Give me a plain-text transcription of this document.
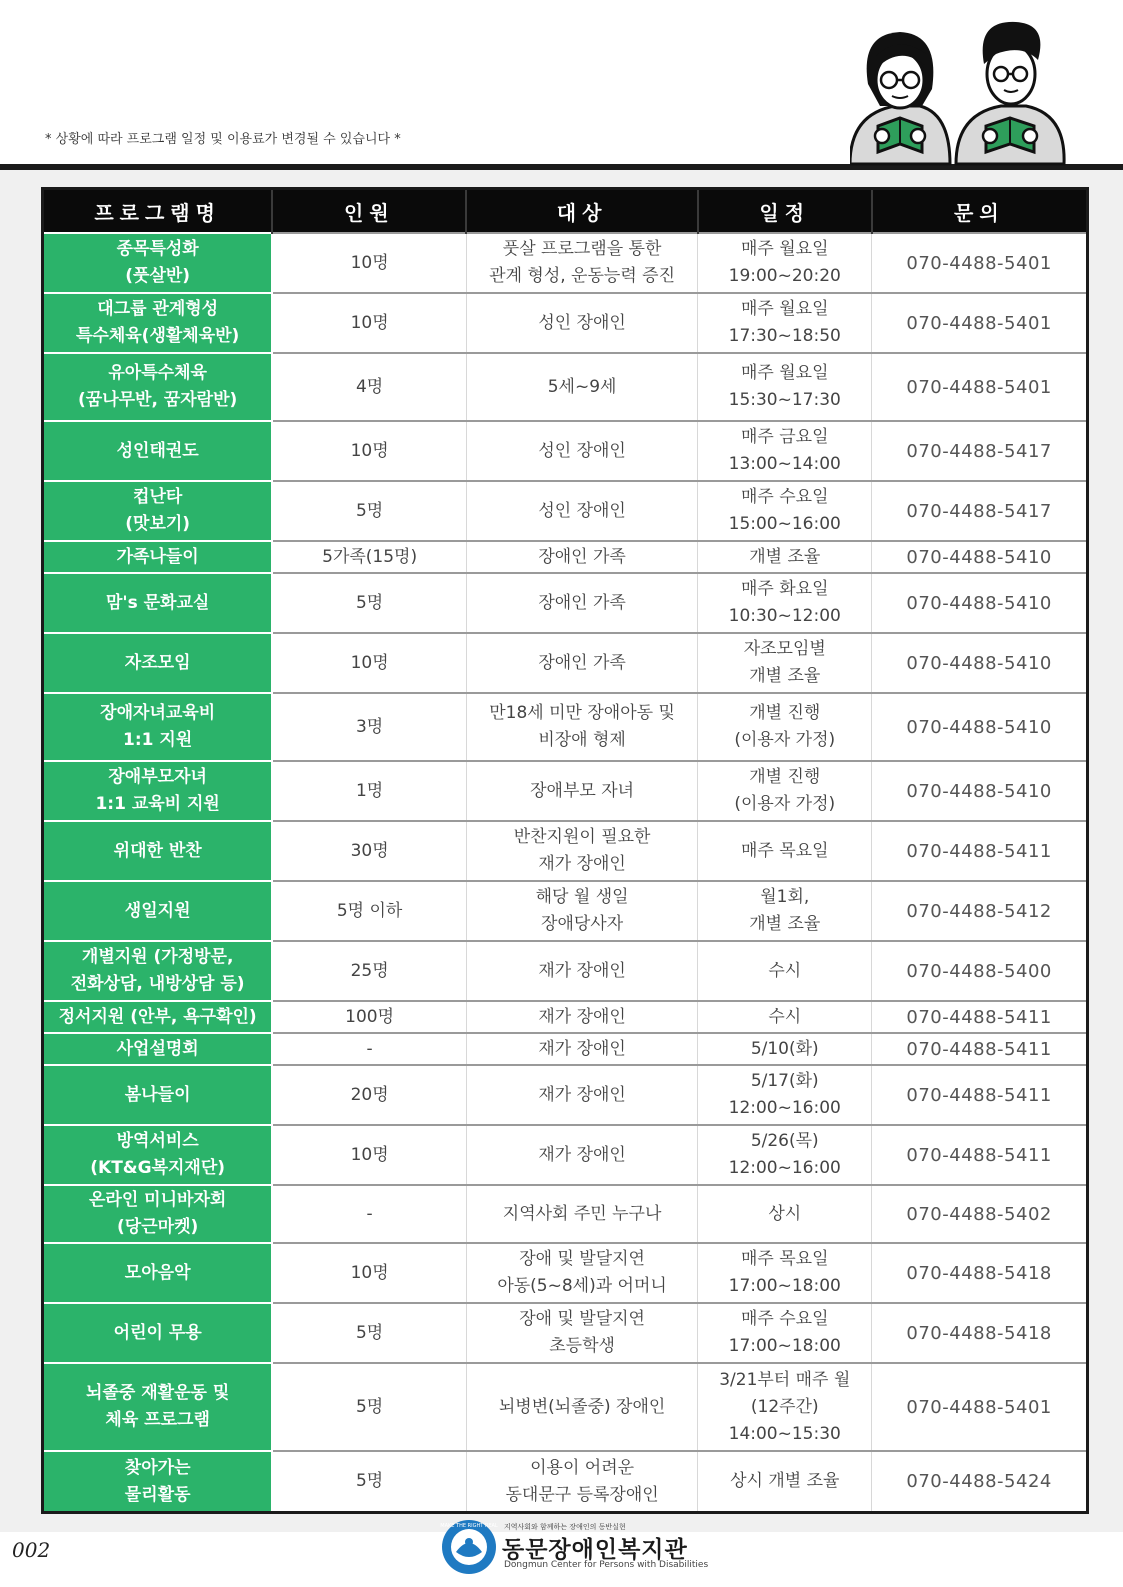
* 상황에 따라 프로그램 일정 및 이용료가 변경될 수 있습니다 *
프로그램명	인원	대상	일정	문의

종목특성화
(풋살반)	10명	풋살 프로그램을 통한
관계 형성, 운동능력 증진	매주 월요일
19:00~20:20	070-4488-5401

대그룹 관계형성
특수체육(생활체육반)	10명	성인 장애인	매주 월요일
17:30~18:50	070-4488-5401

유아특수체육
(꿈나무반, 꿈자람반)	4명	5세~9세	매주 월요일
15:30~17:30	070-4488-5401

성인태권도	10명	성인 장애인	매주 금요일
13:00~14:00	070-4488-5417

컵난타
(맛보기)	5명	성인 장애인	매주 수요일
15:00~16:00	070-4488-5417

가족나들이	5가족(15명)	장애인 가족	개별 조율	070-4488-5410

맘's 문화교실	5명	장애인 가족	매주 화요일
10:30~12:00	070-4488-5410

자조모임	10명	장애인 가족	자조모임별
개별 조율	070-4488-5410

장애자녀교육비
1:1 지원	3명	만18세 미만 장애아동 및
비장애 형제	개별 진행
(이용자 가정)	070-4488-5410

장애부모자녀
1:1 교육비 지원	1명	장애부모 자녀	개별 진행
(이용자 가정)	070-4488-5410

위대한 반찬	30명	반찬지원이 필요한
재가 장애인	매주 목요일	070-4488-5411

생일지원	5명 이하	해당 월 생일
장애당사자	월1회,
개별 조율	070-4488-5412

개별지원 (가정방문,
전화상담, 내방상담 등)	25명	재가 장애인	수시	070-4488-5400

정서지원 (안부, 욕구확인)	100명	재가 장애인	수시	070-4488-5411

사업설명회	-	재가 장애인	5/10(화)	070-4488-5411

봄나들이	20명	재가 장애인	5/17(화)
12:00~16:00	070-4488-5411

방역서비스
(KT&G복지재단)	10명	재가 장애인	5/26(목)
12:00~16:00	070-4488-5411

온라인 미니바자회
(당근마켓)	-	지역사회 주민 누구나	상시	070-4488-5402

모아음악	10명	장애 및 발달지연
아동(5~8세)과 어머니	매주 목요일
17:00~18:00	070-4488-5418

어린이 무용	5명	장애 및 발달지연
초등학생	매주 수요일
17:00~18:00	070-4488-5418

뇌졸중 재활운동 및
체육 프로그램	5명	뇌병변(뇌졸중) 장애인	3/21부터 매주 월
(12주간)
14:00~15:30	070-4488-5401

찾아가는
물리활동	5명	이용이 어려운
동대문구 등록장애인	상시 개별 조율	070-4488-5424
002
MAKE THE RIGHT REAL 지역사회와 함께하는 장애인의 동반실현
동문장애인복지관
Dongmun Center for Persons with Disabilities
